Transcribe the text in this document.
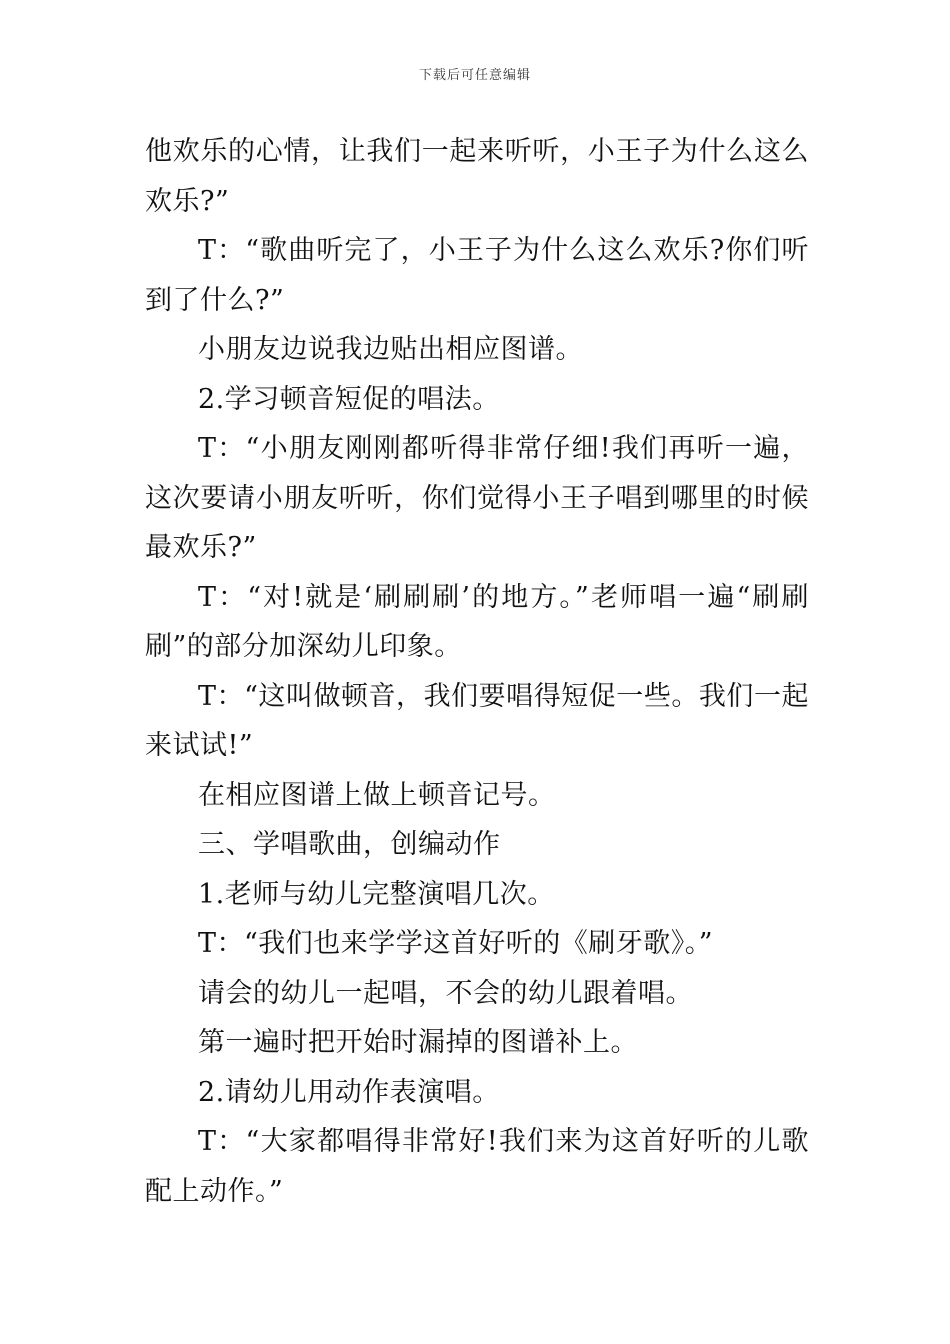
下载后可任意编辑

他欢乐的心情，让我们一起来听听，小王子为什么这么欢乐?”

T：“歌曲听完了，小王子为什么这么欢乐?你们听到了什么?”

小朋友边说我边贴出相应图谱。

2.学习顿音短促的唱法。

T：“小朋友刚刚都听得非常仔细!我们再听一遍，这次要请小朋友听听，你们觉得小王子唱到哪里的时候最欢乐?”

T：“对!就是‘刷刷刷’的地方。”老师唱一遍“刷刷刷”的部分加深幼儿印象。

T：“这叫做顿音，我们要唱得短促一些。我们一起来试试!”

在相应图谱上做上顿音记号。

三、学唱歌曲，创编动作

1.老师与幼儿完整演唱几次。

T：“我们也来学学这首好听的《刷牙歌》。”

请会的幼儿一起唱，不会的幼儿跟着唱。

第一遍时把开始时漏掉的图谱补上。

2.请幼儿用动作表演唱。

T：“大家都唱得非常好!我们来为这首好听的儿歌配上动作。”
